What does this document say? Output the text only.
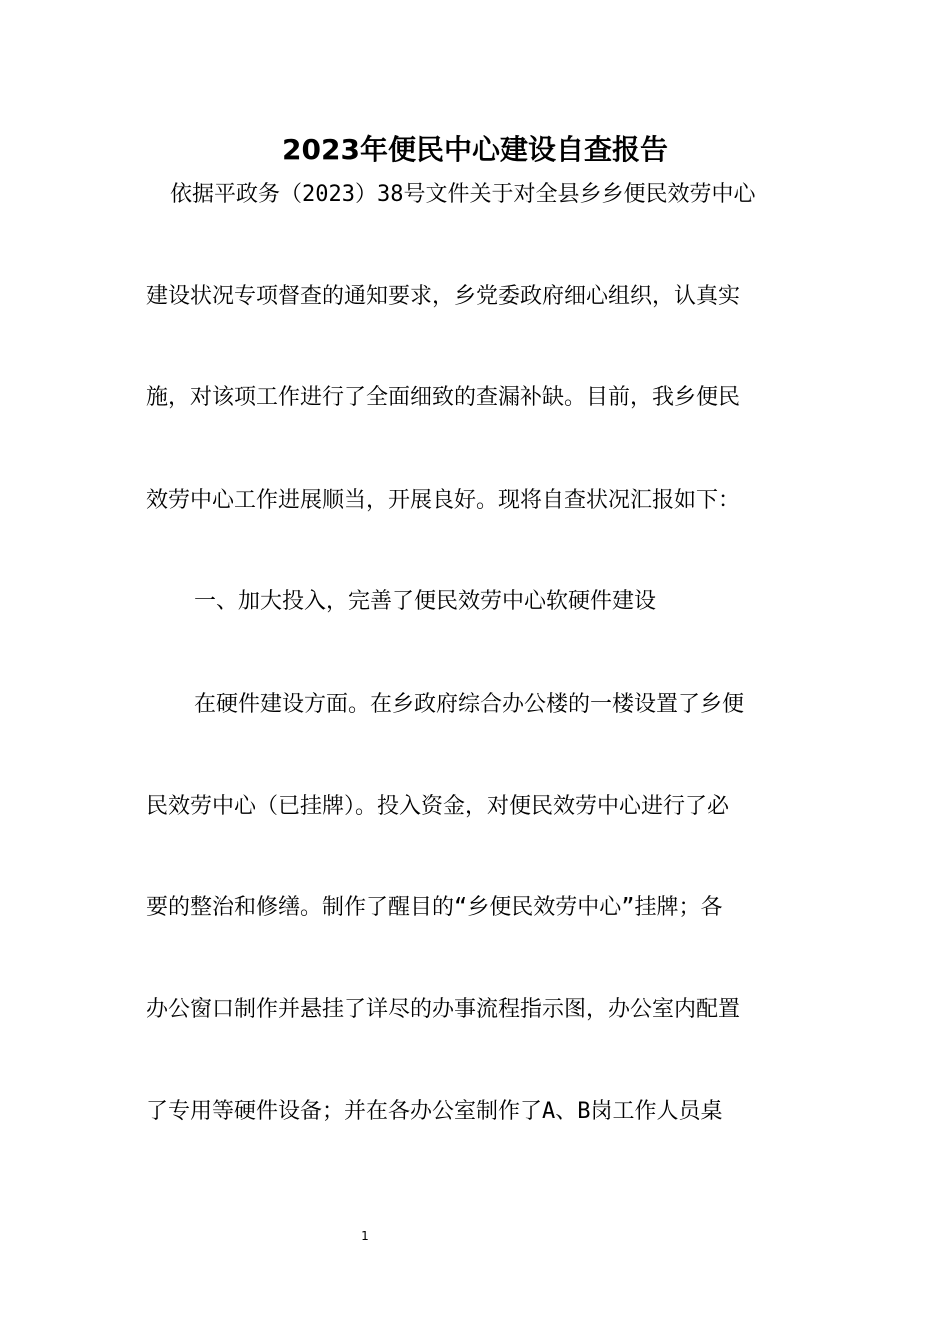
2023年便民中心建设自查报告

依据平政务（2023）38号文件关于对全县乡乡便民效劳中心

建设状况专项督查的通知要求，乡党委政府细心组织，认真实

施，对该项工作进行了全面细致的查漏补缺。目前，我乡便民

效劳中心工作进展顺当，开展良好。现将自查状况汇报如下：

一、加大投入，完善了便民效劳中心软硬件建设

在硬件建设方面。在乡政府综合办公楼的一楼设置了乡便

民效劳中心（已挂牌）。投入资金，对便民效劳中心进行了必

要的整治和修缮。制作了醒目的“乡便民效劳中心”挂牌；各

办公窗口制作并悬挂了详尽的办事流程指示图，办公室内配置

了专用等硬件设备；并在各办公室制作了A、B岗工作人员桌

1
